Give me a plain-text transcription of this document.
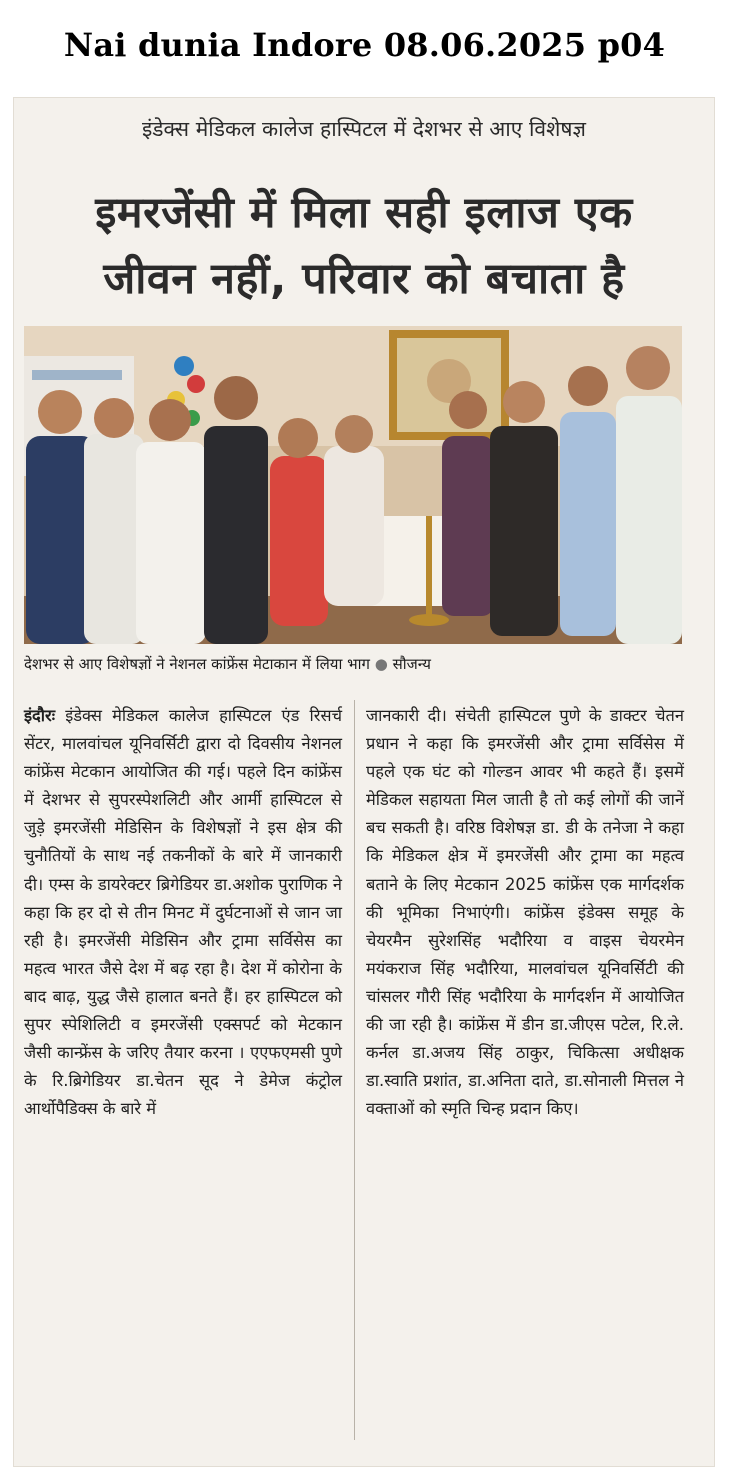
Nai dunia Indore 08.06.2025 p04
इंडेक्स मेडिकल कालेज हास्पिटल में देशभर से आए विशेषज्ञ
इमरजेंसी में मिला सही इलाज एक
जीवन नहीं, परिवार को बचाता है
देशभर से आए विशेषज्ञों ने नेशनल कांफ्रेंस मेटाकान में लिया भाग ● सौजन्य
इंदौरः इंडेक्स मेडिकल कालेज हास्पिटल एंड रिसर्च सेंटर, मालवांचल यूनिवर्सिटी द्वारा दो दिवसीय नेशनल कांफ्रेंस मेटकान आयोजित की गई। पहले दिन कांफ्रेंस में देशभर से सुपरस्पेशलिटी और आर्मी हास्पिटल से जुड़े इमरजेंसी मेडिसिन के विशेषज्ञों ने इस क्षेत्र की चुनौतियों के साथ नई तकनीकों के बारे में जानकारी दी। एम्स के डायरेक्टर ब्रिगेडियर डा.अशोक पुराणिक ने कहा कि हर दो से तीन मिनट में दुर्घटनाओं से जान जा रही है। इमरजेंसी मेडिसिन और ट्रामा सर्विसेस का महत्व भारत जैसे देश में बढ़ रहा है। देश में कोरोना के बाद बाढ़, युद्ध जैसे हालात बनते हैं। हर हास्पिटल को सुपर स्पेशिलिटी व इमरजेंसी एक्सपर्ट को मेटकान जैसी कान्फ्रेंस के जरिए तैयार करना । एएफएमसी पुणे के रि.ब्रिगेडियर डा.चेतन सूद ने डेमेज कंट्रोल आर्थोपैडिक्स के बारे में
जानकारी दी। संचेती हास्पिटल पुणे के डाक्टर चेतन प्रधान ने कहा कि इमरजेंसी और ट्रामा सर्विसेस में पहले एक घंट को गोल्डन आवर भी कहते हैं। इसमें मेडिकल सहायता मिल जाती है तो कई लोगों की जानें बच सकती है। वरिष्ठ विशेषज्ञ डा. डी के तनेजा ने कहा कि मेडिकल क्षेत्र में इमरजेंसी और ट्रामा का महत्व बताने के लिए मेटकान 2025 कांफ्रेंस एक मार्गदर्शक की भूमिका निभाएंगी। कांफ्रेंस इंडेक्स समूह के चेयरमैन सुरेशसिंह भदौरिया व वाइस चेयरमेन मयंकराज सिंह भदौरिया, मालवांचल यूनिवर्सिटी की चांसलर गौरी सिंह भदौरिया के मार्गदर्शन में आयोजित की जा रही है। कांफ्रेंस में डीन डा.जीएस पटेल, रि.ले. कर्नल डा.अजय सिंह ठाकुर, चिकित्सा अधीक्षक डा.स्वाति प्रशांत, डा.अनिता दाते, डा.सोनाली मित्तल ने वक्ताओं को स्मृति चिन्ह प्रदान किए।
